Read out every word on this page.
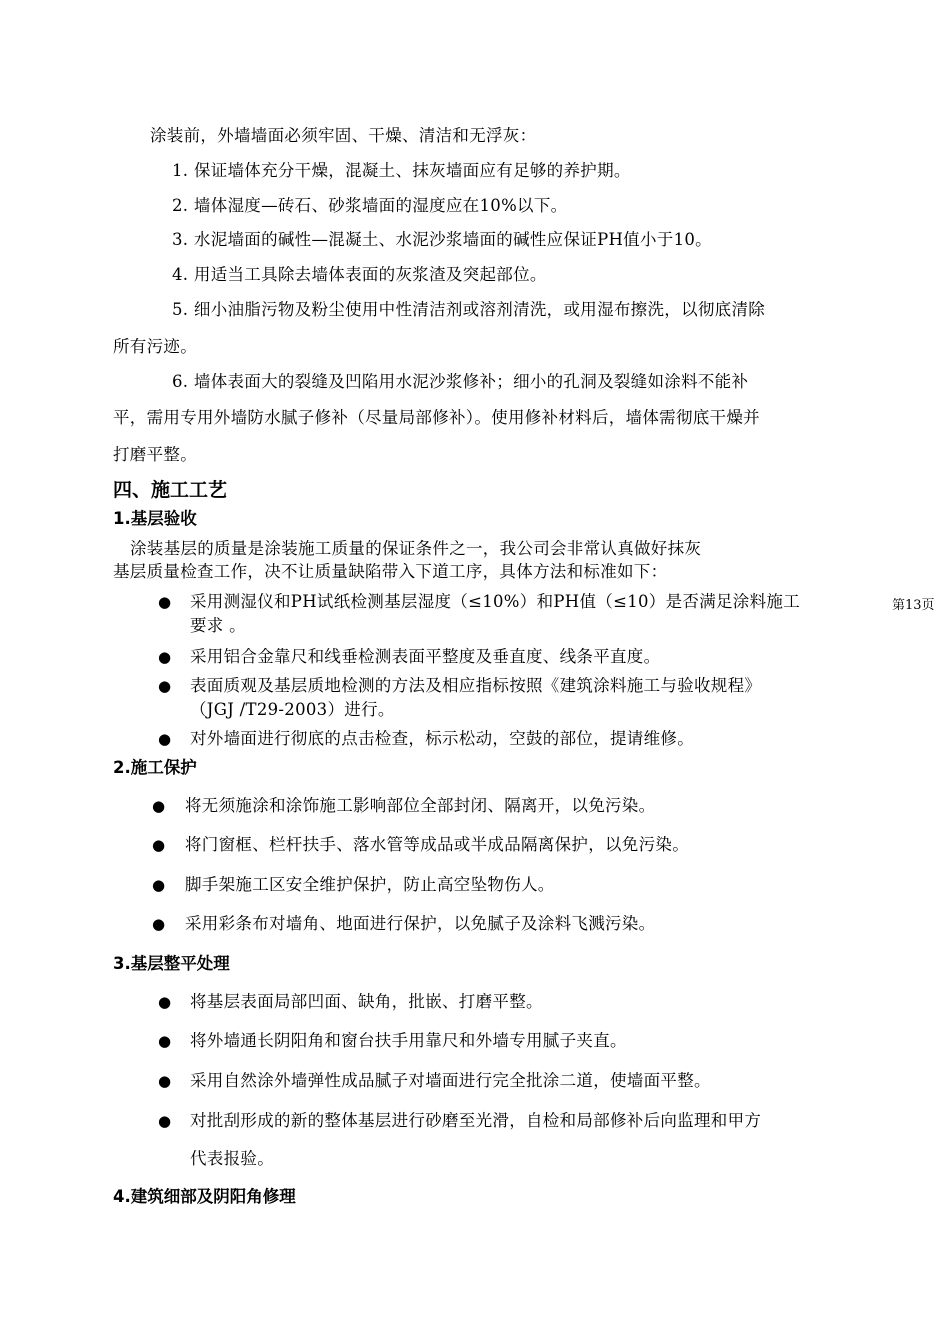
涂装前，外墙墙面必须牢固、干燥、清洁和无浮灰：
1. 保证墙体充分干燥，混凝土、抹灰墙面应有足够的养护期。
2. 墙体湿度—砖石、砂浆墙面的湿度应在10%以下。
3. 水泥墙面的碱性—混凝土、水泥沙浆墙面的碱性应保证PH值小于10。
4. 用适当工具除去墙体表面的灰浆渣及突起部位。
5. 细小油脂污物及粉尘使用中性清洁剂或溶剂清洗，或用湿布擦洗，以彻底清除
所有污迹。
6. 墙体表面大的裂缝及凹陷用水泥沙浆修补；细小的孔洞及裂缝如涂料不能补
平，需用专用外墙防水腻子修补（尽量局部修补）。使用修补材料后，墙体需彻底干燥并
打磨平整。
四、施工工艺
1.基层验收
涂装基层的质量是涂装施工质量的保证条件之一，我公司会非常认真做好抹灰
基层质量检查工作，决不让质量缺陷带入下道工序，具体方法和标准如下：
● 采用测湿仪和PH试纸检测基层湿度（≤10%）和PH值（≤10）是否满足涂料施工
要求 。
● 采用铝合金靠尺和线垂检测表面平整度及垂直度、线条平直度。
● 表面质观及基层质地检测的方法及相应指标按照《建筑涂料施工与验收规程》
（JGJ /T29-2003）进行。
● 对外墙面进行彻底的点击检查，标示松动，空鼓的部位，提请维修。
第13页
2.施工保护
● 将无须施涂和涂饰施工影响部位全部封闭、隔离开，以免污染。
● 将门窗框、栏杆扶手、落水管等成品或半成品隔离保护，以免污染。
● 脚手架施工区安全维护保护，防止高空坠物伤人。
● 采用彩条布对墙角、地面进行保护，以免腻子及涂料飞溅污染。
3.基层整平处理
● 将基层表面局部凹面、缺角，批嵌、打磨平整。
● 将外墙通长阴阳角和窗台扶手用靠尺和外墙专用腻子夹直。
● 采用自然涂外墙弹性成品腻子对墙面进行完全批涂二道，使墙面平整。
● 对批刮形成的新的整体基层进行砂磨至光滑，自检和局部修补后向监理和甲方
代表报验。
4.建筑细部及阴阳角修理
